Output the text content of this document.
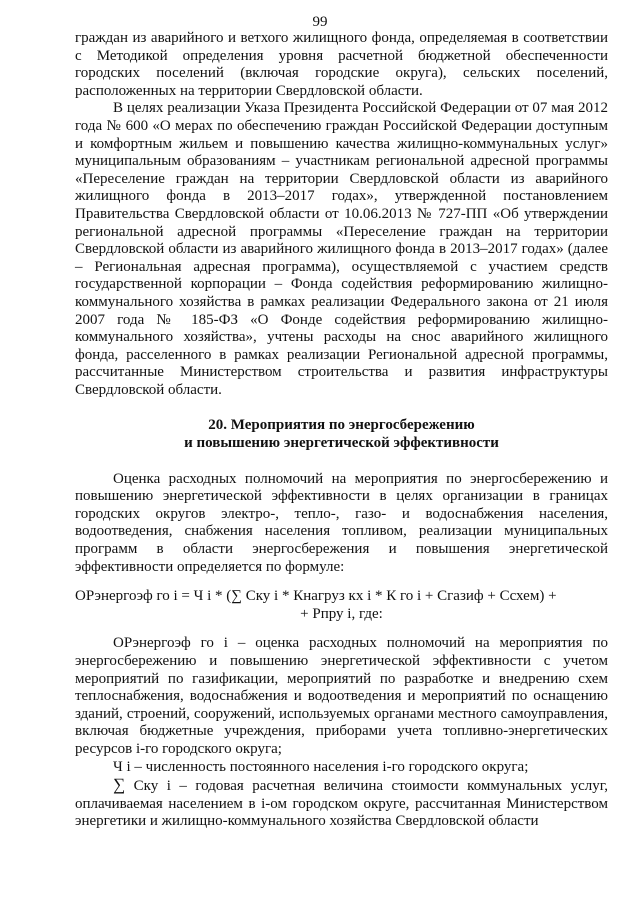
99

граждан из аварийного и ветхого жилищного фонда, определяемая в соответствии с Методикой определения уровня расчетной бюджетной обеспеченности городских поселений (включая городские округа), сельских поселений, расположенных на территории Свердловской области.

В целях реализации Указа Президента Российской Федерации от 07 мая 2012 года № 600 «О мерах по обеспечению граждан Российской Федерации доступным и комфортным жильем и повышению качества жилищно-коммунальных услуг» муниципальным образованиям – участникам региональной адресной программы «Переселение граждан на территории Свердловской области из аварийного жилищного фонда в 2013–2017 годах», утвержденной постановлением Правительства Свердловской области от 10.06.2013 № 727-ПП «Об утверждении региональной адресной программы «Переселение граждан на территории Свердловской области из аварийного жилищного фонда в 2013–2017 годах» (далее – Региональная адресная программа), осуществляемой с участием средств государственной корпорации – Фонда содействия реформированию жилищно-коммунального хозяйства в рамках реализации Федерального закона от 21 июля 2007 года № 185-ФЗ «О Фонде содействия реформированию жилищно-коммунального хозяйства», учтены расходы на снос аварийного жилищного фонда, расселенного в рамках реализации Региональной адресной программы, рассчитанные Министерством строительства и развития инфраструктуры Свердловской области.

20. Мероприятия по энергосбережению
и повышению энергетической эффективности

Оценка расходных полномочий на мероприятия по энергосбережению и повышению энергетической эффективности в целях организации в границах городских округов электро-, тепло-, газо- и водоснабжения населения, водоотведения, снабжения населения топливом, реализации муниципальных программ в области энергосбережения и повышения энергетической эффективности определяется по формуле:

ОРэнергоэф го i = Ч i * (∑ Cку i * Кнагруз кх i * К го i + Cгазиф + Cсхем) +

+ Pпру i, где:

ОРэнергоэф го i – оценка расходных полномочий на мероприятия по энергосбережению и повышению энергетической эффективности с учетом мероприятий по газификации, мероприятий по разработке и внедрению схем теплоснабжения, водоснабжения и водоотведения и мероприятий по оснащению зданий, строений, сооружений, используемых органами местного самоуправления, включая бюджетные учреждения, приборами учета топливно-энергетических ресурсов i-го городского округа;

Ч i – численность постоянного населения i-го городского округа;

∑ Cку i – годовая расчетная величина стоимости коммунальных услуг, оплачиваемая населением в i-ом городском округе, рассчитанная Министерством энергетики и жилищно-коммунального хозяйства Свердловской области
